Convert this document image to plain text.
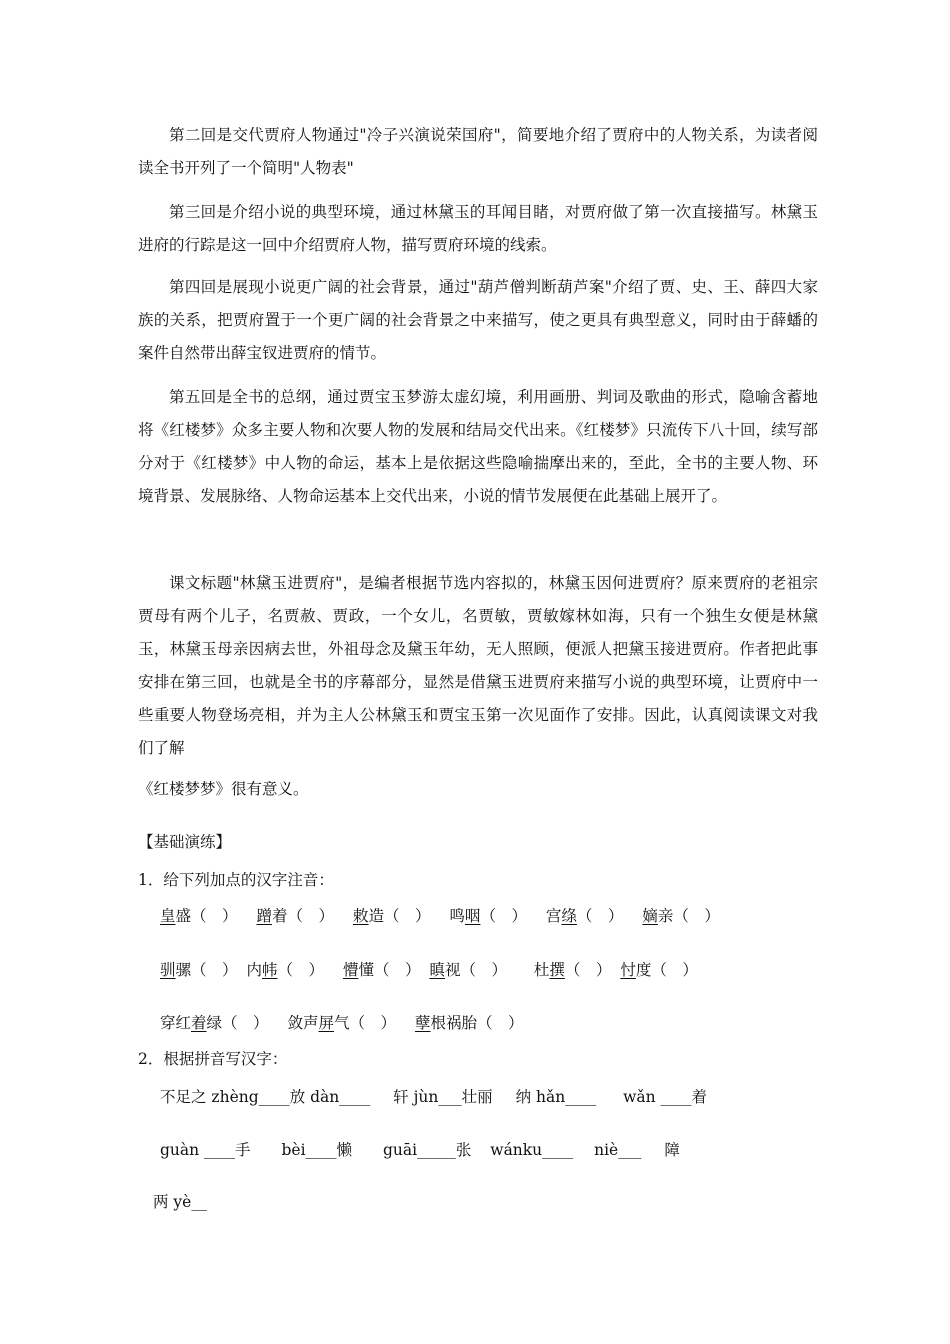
第二回是交代贾府人物通过"冷子兴演说荣国府"，简要地介绍了贾府中的人物关系，为读者阅读全书开列了一个简明"人物表"

第三回是介绍小说的典型环境，通过林黛玉的耳闻目睹，对贾府做了第一次直接描写。林黛玉进府的行踪是这一回中介绍贾府人物，描写贾府环境的线索。

第四回是展现小说更广阔的社会背景，通过"葫芦僧判断葫芦案"介绍了贾、史、王、薛四大家族的关系，把贾府置于一个更广阔的社会背景之中来描写，使之更具有典型意义，同时由于薛蟠的案件自然带出薛宝钗进贾府的情节。

第五回是全书的总纲，通过贾宝玉梦游太虚幻境，利用画册、判词及歌曲的形式，隐喻含蓄地将《红楼梦》众多主要人物和次要人物的发展和结局交代出来。《红楼梦》只流传下八十回，续写部分对于《红楼梦》中人物的命运，基本上是依据这些隐喻揣摩出来的，至此，全书的主要人物、环境背景、发展脉络、人物命运基本上交代出来，小说的情节发展便在此基础上展开了。

课文标题"林黛玉进贾府"，是编者根据节选内容拟的，林黛玉因何进贾府？原来贾府的老祖宗贾母有两个儿子，名贾赦、贾政，一个女儿，名贾敏，贾敏嫁林如海，只有一个独生女便是林黛玉，林黛玉母亲因病去世，外祖母念及黛玉年幼，无人照顾，便派人把黛玉接进贾府。作者把此事安排在第三回，也就是全书的序幕部分，显然是借黛玉进贾府来描写小说的典型环境，让贾府中一些重要人物登场亮相，并为主人公林黛玉和贾宝玉第一次见面作了安排。因此，认真阅读课文对我们了解

《红楼梦梦》很有意义。
【基础演练】
1．给下列加点的汉字注音：
皇盛（　） 蹭着（　） 敕造（　） 鸣咽（　） 宫绦（　） 嫡亲（　）
驯骡（　） 内帏（　） 懵懂（　） 瞋视（　） 杜撰（　） 忖度（　）
穿红着绿（　） 敛声屏气（　） 孽根祸胎（　）
2．根据拼音写汉字：
不足之 zhèng____放 dàn____ 轩 jùn___壮丽 纳 hǎn____ wǎn ____着
guàn ____手 bèi____懒 guāi_____张 wánku____ niè___ 障
两 yè__
